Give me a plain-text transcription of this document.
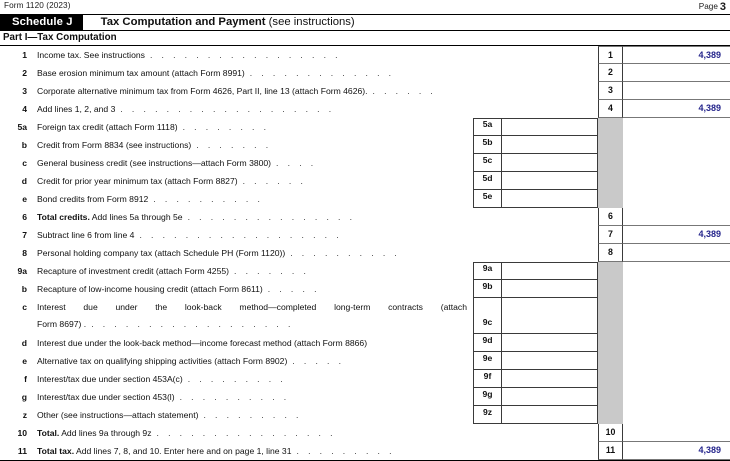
Form 1120 (2023)	Page 3
Schedule J	Tax Computation and Payment (see instructions)
Part I—Tax Computation
1	Income tax. See instructions . . . . . . . . . . . . . . . . .	1	4,389
2	Base erosion minimum tax amount (attach Form 8991) . . . . . . . . . . . . .	2
3	Corporate alternative minimum tax from Form 4626, Part II, line 13 (attach Form 4626). . . . . . .	3
4	Add lines 1, 2, and 3 . . . . . . . . . . . . . . . . . . .	4	4,389
5a	Foreign tax credit (attach Form 1118) . . . . . . . .	5a
b	Credit from Form 8834 (see instructions) . . . . . . .	5b
c	General business credit (see instructions—attach Form 3800) . . . .	5c
d	Credit for prior year minimum tax (attach Form 8827) . . . . . .	5d
e	Bond credits from Form 8912 . . . . . . . . . .	5e
6	Total credits. Add lines 5a through 5e . . . . . . . . . . . . . . .	6
7	Subtract line 6 from line 4 . . . . . . . . . . . . . . . . . .	7	4,389
8	Personal holding company tax (attach Schedule PH (Form 1120)) . . . . . . . . . .	8
9a	Recapture of investment credit (attach Form 4255) . . . . . . .	9a
b	Recapture of low-income housing credit (attach Form 8611) . . . . .	9b
c	Interest due under the look-back method—completed long-term contracts (attach
Form 8697) . . . . . . . . . . . . . . . . . . .	9c
d	Interest due under the look-back method—income forecast method (attach Form 8866)	9d
e	Alternative tax on qualifying shipping activities (attach Form 8902) . . . . .	9e
f	Interest/tax due under section 453A(c) . . . . . . . . .	9f
g	Interest/tax due under section 453(l) . . . . . . . . . .	9g
z	Other (see instructions—attach statement) . . . . . . . . .	9z
10	Total. Add lines 9a through 9z . . . . . . . . . . . . . . . .	10
11	Total tax. Add lines 7, 8, and 10. Enter here and on page 1, line 31 . . . . . . . . .	11	4,389
